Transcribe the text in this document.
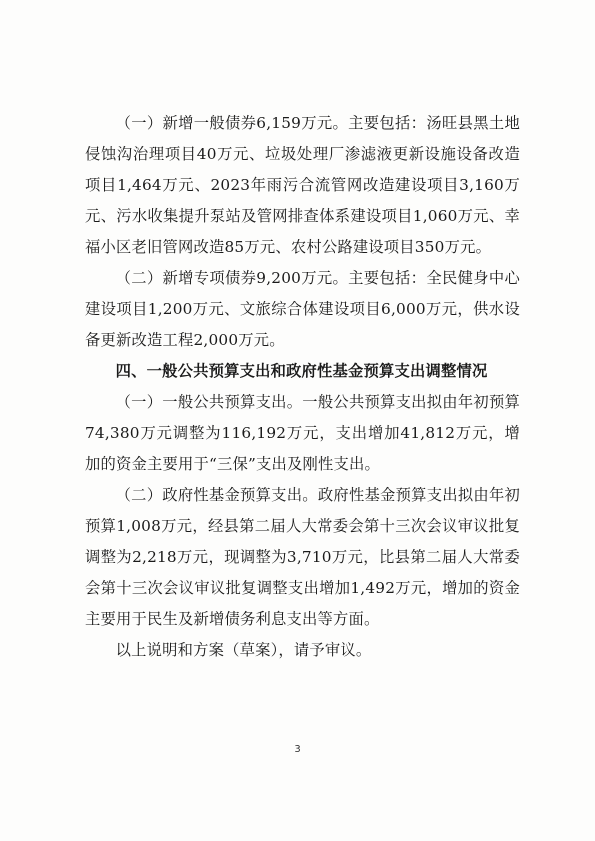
（一）新增一般债券6,159万元。主要包括：汤旺县黑土地侵蚀沟治理项目40万元、垃圾处理厂渗滤液更新设施设备改造项目1,464万元、2023年雨污合流管网改造建设项目3,160万元、污水收集提升泵站及管网排查体系建设项目1,060万元、幸福小区老旧管网改造85万元、农村公路建设项目350万元。

（二）新增专项债券9,200万元。主要包括：全民健身中心建设项目1,200万元、文旅综合体建设项目6,000万元，供水设备更新改造工程2,000万元。

四、一般公共预算支出和政府性基金预算支出调整情况

（一）一般公共预算支出。一般公共预算支出拟由年初预算74,380万元调整为116,192万元，支出增加41,812万元，增加的资金主要用于“三保”支出及刚性支出。

（二）政府性基金预算支出。政府性基金预算支出拟由年初预算1,008万元，经县第二届人大常委会第十三次会议审议批复调整为2,218万元，现调整为3,710万元，比县第二届人大常委会第十三次会议审议批复调整支出增加1,492万元，增加的资金主要用于民生及新增债务利息支出等方面。

以上说明和方案（草案），请予审议。

3
